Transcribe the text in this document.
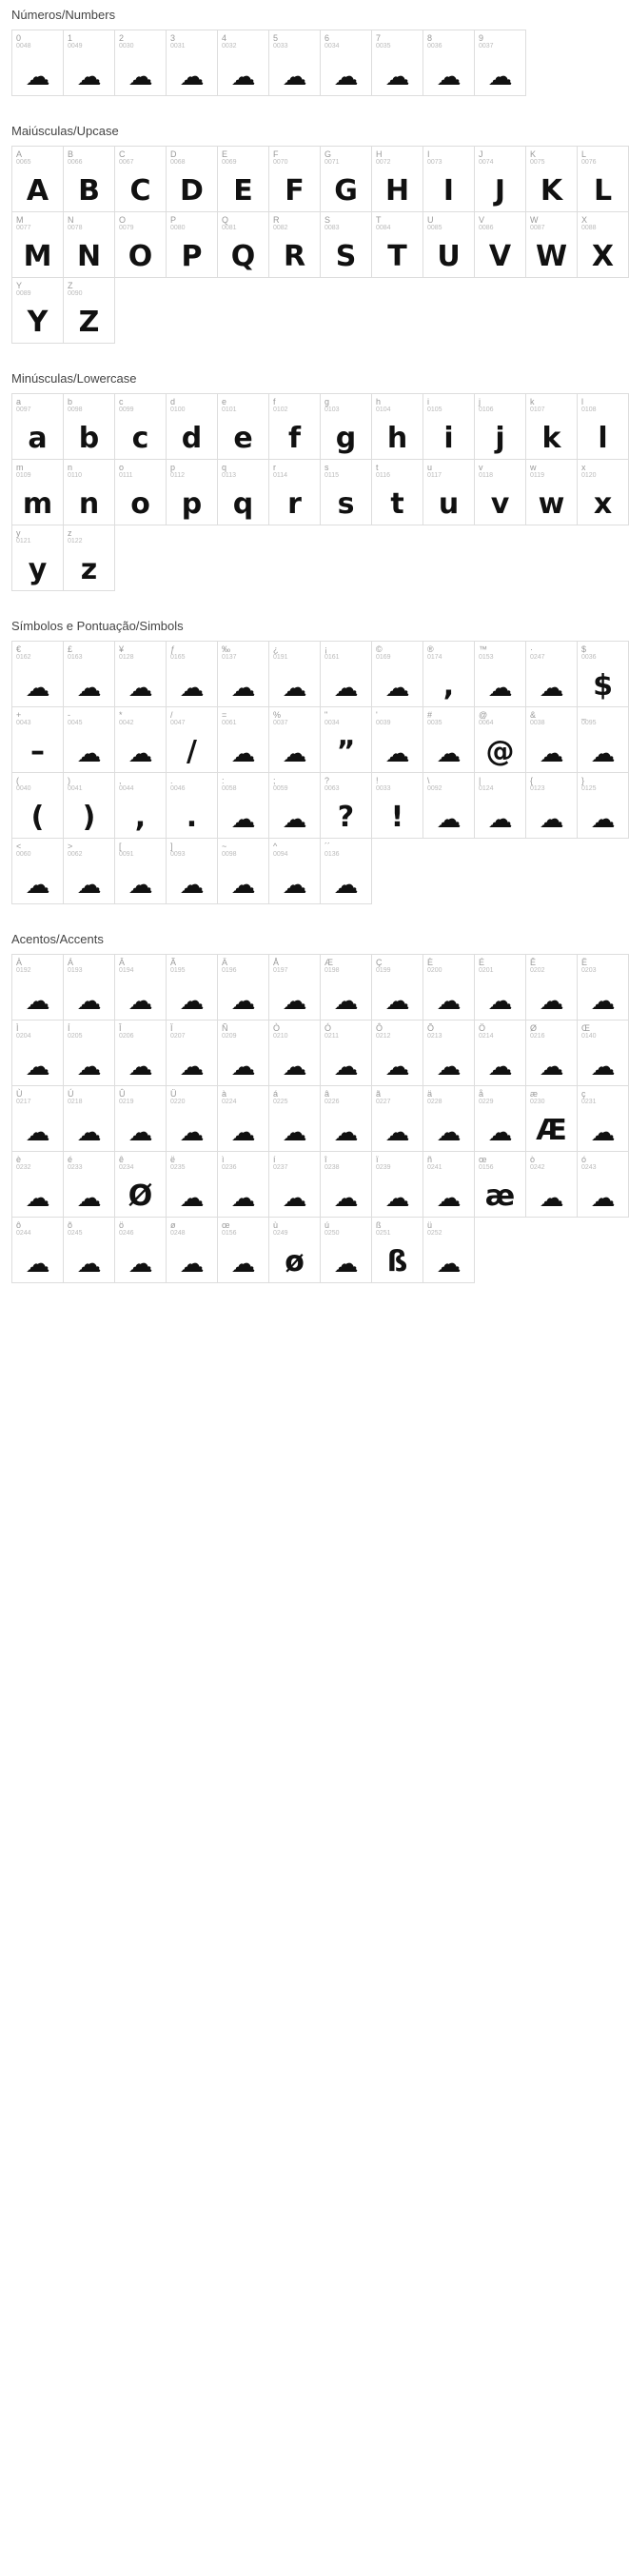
Números/Numbers
0
0048
☁
1
0049
☁
2
0030
☁
3
0031
☁
4
0032
☁
5
0033
☁
6
0034
☁
7
0035
☁
8
0036
☁
9
0037
☁
Maiúsculas/Upcase
A
0065
A
B
0066
B
C
0067
C
D
0068
D
E
0069
E
F
0070
F
G
0071
G
H
0072
H
I
0073
I
J
0074
J
K
0075
K
L
0076
L
M
0077
M
N
0078
N
O
0079
O
P
0080
P
Q
0081
Q
R
0082
R
S
0083
S
T
0084
T
U
0085
U
V
0086
V
W
0087
W
X
0088
X
Y
0089
Y
Z
0090
Z
Minúsculas/Lowercase
a
0097
a
b
0098
b
c
0099
c
d
0100
d
e
0101
e
f
0102
f
g
0103
g
h
0104
h
i
0105
i
j
0106
j
k
0107
k
l
0108
l
m
0109
m
n
0110
n
o
0111
o
p
0112
p
q
0113
q
r
0114
r
s
0115
s
t
0116
t
u
0117
u
v
0118
v
w
0119
w
x
0120
x
y
0121
y
z
0122
z
Símbolos e Pontuação/Simbols
€
0162
☁
£
0163
☁
¥
0128
☁
ƒ
0165
☁
‰
0137
☁
¿
0191
☁
¡
0161
☁
©
0169
☁
®
0174
,
™
0153
☁
·
0247
☁
$
0036
$
+
0043
–
-
0045
☁
*
0042
☁
/
0047
/
=
0061
☁
%
0037
☁
"
0034
”
'
0039
☁
#
0035
☁
@
0064
@
&
0038
☁
_
0095
☁
(
0040
(
)
0041
)
,
0044
,
.
0046
.
:
0058
☁
;
0059
☁
?
0063
?
!
0033
!
\
0092
☁
|
0124
☁
{
0123
☁
}
0125
☁
<
0060
☁
>
0062
☁
[
0091
☁
]
0093
☁
~
0098
☁
^
0094
☁
´´
0136
☁
Acentos/Accents
À
0192
☁
Á
0193
☁
Â
0194
☁
Ã
0195
☁
Ä
0196
☁
Å
0197
☁
Æ
0198
☁
Ç
0199
☁
È
0200
☁
É
0201
☁
Ê
0202
☁
Ë
0203
☁
Ì
0204
☁
Í
0205
☁
Î
0206
☁
Ï
0207
☁
Ñ
0209
☁
Ò
0210
☁
Ó
0211
☁
Ô
0212
☁
Õ
0213
☁
Ö
0214
☁
Ø
0216
☁
Œ
0140
☁
Ù
0217
☁
Ú
0218
☁
Û
0219
☁
Ü
0220
☁
à
0224
☁
á
0225
☁
â
0226
☁
ã
0227
☁
ä
0228
☁
å
0229
☁
æ
0230
Æ
ç
0231
☁
è
0232
☁
é
0233
☁
ê
0234
Ø
ë
0235
☁
ì
0236
☁
í
0237
☁
î
0238
☁
ï
0239
☁
ñ
0241
☁
œ
0156
æ
ò
0242
☁
ó
0243
☁
ô
0244
☁
õ
0245
☁
ö
0246
☁
ø
0248
☁
œ
0156
☁
ù
0249
ø
ú
0250
☁
ß
0251
ß
ü
0252
☁
